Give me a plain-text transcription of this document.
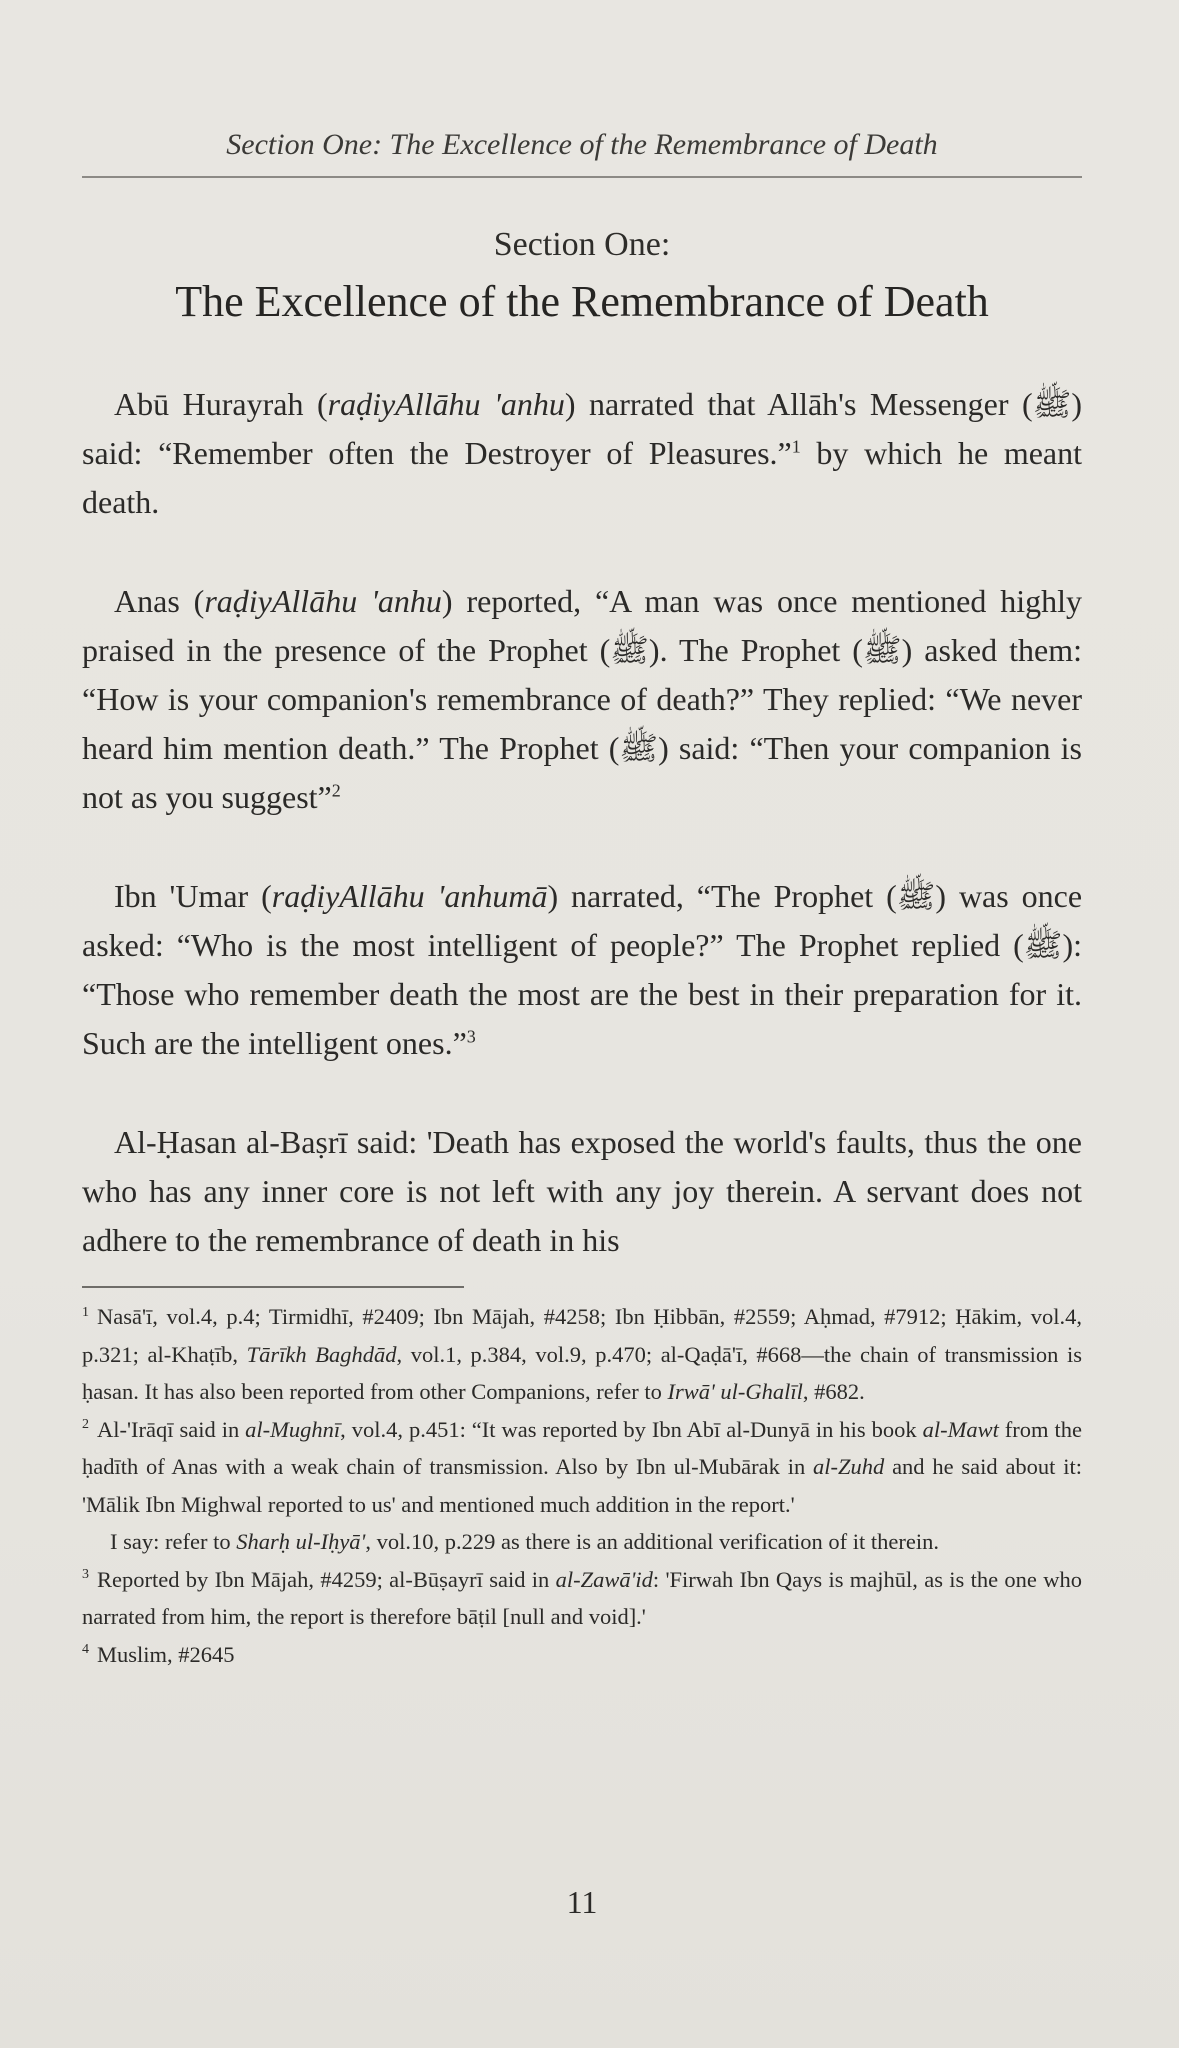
Section One: The Excellence of the Remembrance of Death
Section One:
The Excellence of the Remembrance of Death

Abū Hurayrah (raḍiyAllāhu 'anhu) narrated that Allāh's Messenger (ﷺ) said: “Remember often the Destroyer of Pleasures.”$^1$ by which he meant death.

Anas (raḍiyAllāhu 'anhu) reported, “A man was once mentioned highly praised in the presence of the Prophet (ﷺ). The Prophet (ﷺ) asked them: “How is your companion's remembrance of death?” They replied: “We never heard him mention death.” The Prophet (ﷺ) said: “Then your companion is not as you suggest”$^2$

Ibn 'Umar (raḍiyAllāhu 'anhumā) narrated, “The Prophet (ﷺ) was once asked: “Who is the most intelligent of people?” The Prophet replied (ﷺ): “Those who remember death the most are the best in their preparation for it. Such are the intelligent ones.”$^3$

Al-Ḥasan al-Baṣrī said: 'Death has exposed the world's faults, thus the one who has any inner core is not left with any joy therein. A servant does not adhere to the remembrance of death in his

$^1$ Nasā'ī, vol.4, p.4; Tirmidhī, #2409; Ibn Mājah, #4258; Ibn Ḥibbān, #2559; Aḥmad, #7912; Ḥākim, vol.4, p.321; al-Khaṭīb, Tārīkh Baghdād, vol.1, p.384, vol.9, p.470; al-Qaḍā'ī, #668—the chain of transmission is ḥasan. It has also been reported from other Companions, refer to Irwā' ul-Ghalīl, #682.

$^2$ Al-'Irāqī said in al-Mughnī, vol.4, p.451: “It was reported by Ibn Abī al-Dunyā in his book al-Mawt from the ḥadīth of Anas with a weak chain of transmission. Also by Ibn ul-Mubārak in al-Zuhd and he said about it: 'Mālik Ibn Mighwal reported to us' and mentioned much addition in the report.'

I say: refer to Sharḥ ul-Iḥyā', vol.10, p.229 as there is an additional verification of it therein.

$^3$ Reported by Ibn Mājah, #4259; al-Būṣayrī said in al-Zawā'id: 'Firwah Ibn Qays is majhūl, as is the one who narrated from him, the report is therefore bāṭil [null and void].'

$^4$ Muslim, #2645

11
